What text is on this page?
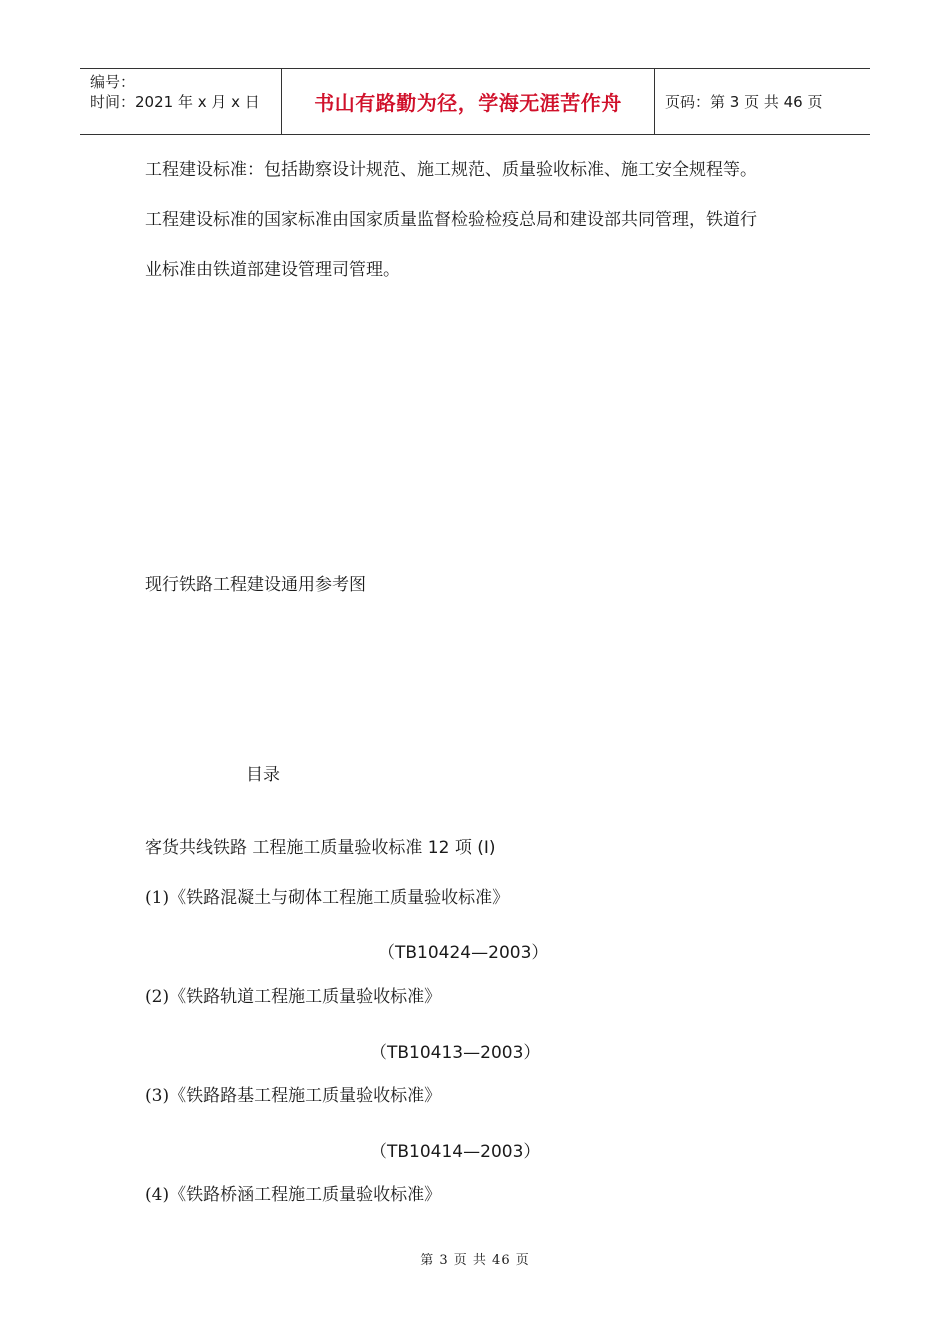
编号：
时间：2021 年 x 月 x 日	书山有路勤为径，学海无涯苦作舟	页码：第 3 页 共 46 页
工程建设标准：包括勘察设计规范、施工规范、质量验收标准、施工安全规程等。
工程建设标准的国家标准由国家质量监督检验检疫总局和建设部共同管理，铁道行
业标准由铁道部建设管理司管理。
现行铁路工程建设通用参考图
目录
客货共线铁路 工程施工质量验收标准 12 项 (I)
(1)《铁路混凝土与砌体工程施工质量验收标准》
（TB10424—2003）
(2)《铁路轨道工程施工质量验收标准》
（TB10413—2003）
(3)《铁路路基工程施工质量验收标准》
（TB10414—2003）
(4)《铁路桥涵工程施工质量验收标准》
第 3 页 共 46 页
